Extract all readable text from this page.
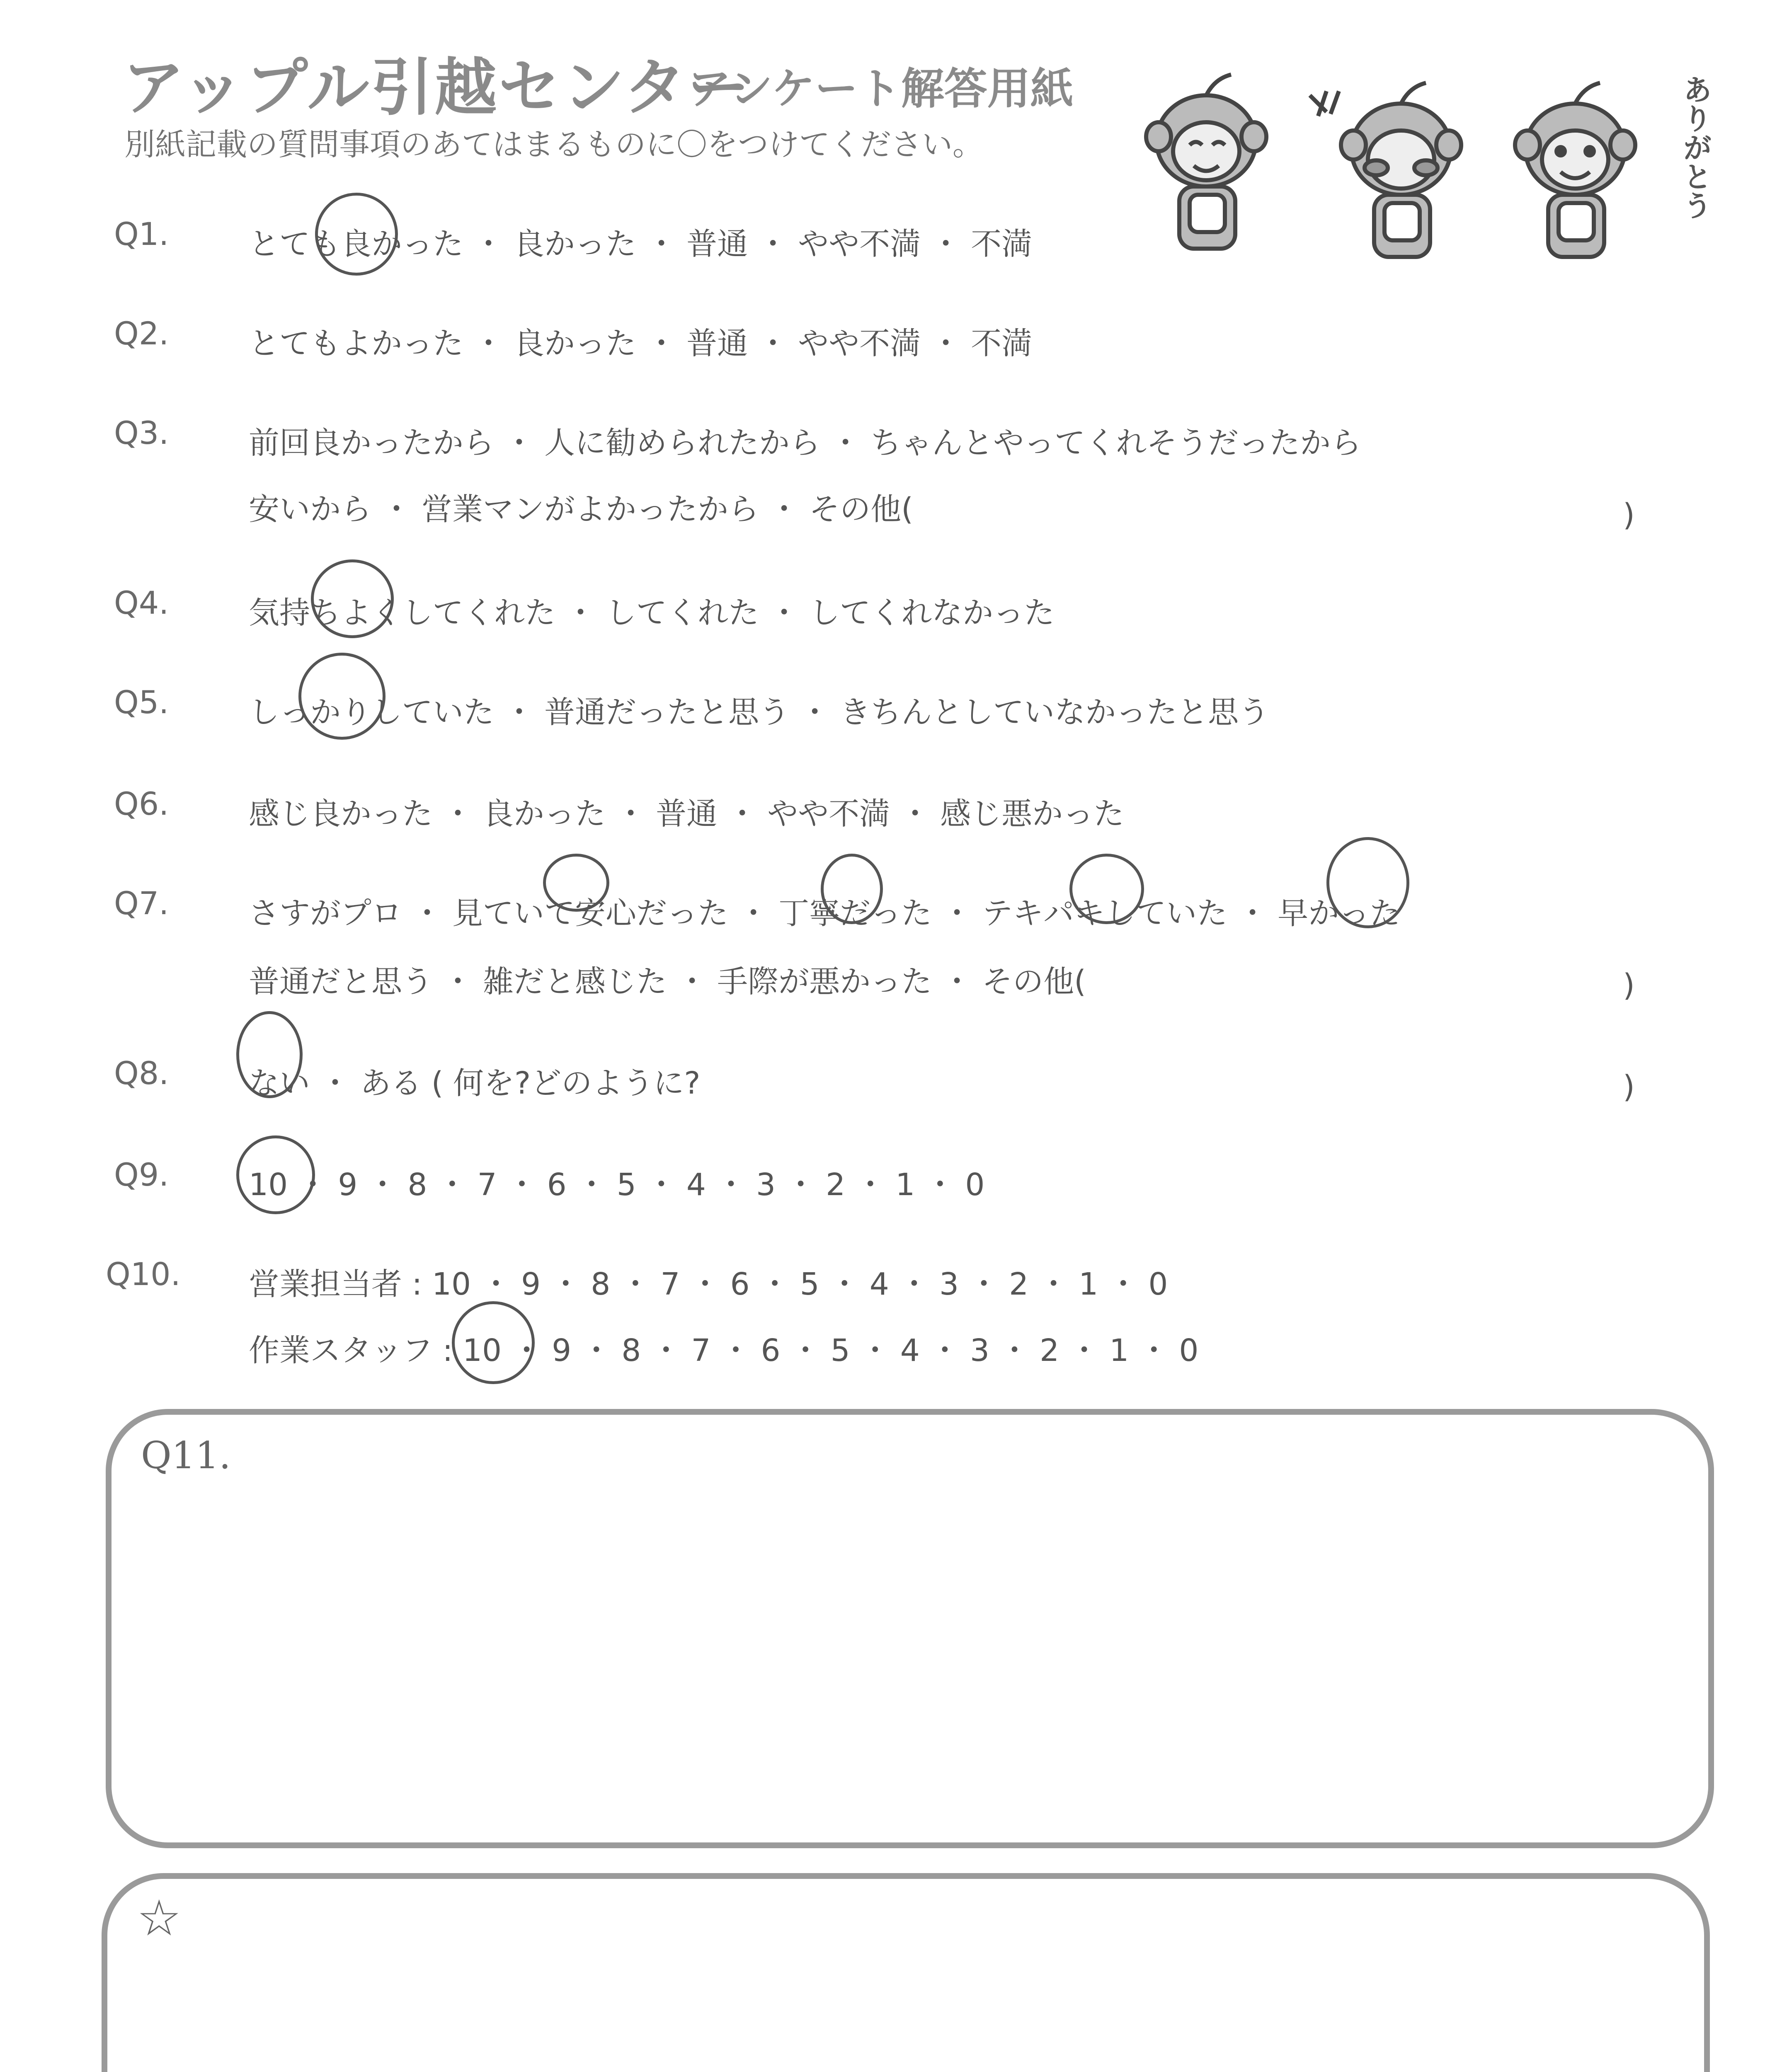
アップル引越センター
アンケート解答用紙
別紙記載の質問事項のあてはまるものに〇をつけてください。	ありがとう
Q1.	とても良かった ・ 良かった ・ 普通 ・ やや不満 ・ 不満
Q2.	とてもよかった ・ 良かった ・ 普通 ・ やや不満 ・ 不満
Q3.	前回良かったから ・ 人に勧められたから ・ ちゃんとやってくれそうだったから
安いから ・ 営業マンがよかったから ・ その他(	)
Q4.	気持ちよくしてくれた ・ してくれた ・ してくれなかった
Q5.	しっかりしていた ・ 普通だったと思う ・ きちんとしていなかったと思う
Q6.	感じ良かった ・ 良かった ・ 普通 ・ やや不満 ・ 感じ悪かった
Q7.	さすがプロ ・ 見ていて安心だった ・ 丁寧だった ・ テキパキしていた ・ 早かった
普通だと思う ・ 雑だと感じた ・ 手際が悪かった ・ その他(	)
Q8.	ない ・ ある ( 何を?どのように?	)
Q9.	10 ・ 9 ・ 8 ・ 7 ・ 6 ・ 5 ・ 4 ・ 3 ・ 2 ・ 1 ・ 0
Q10. 営業担当者 : 10 ・ 9 ・ 8 ・ 7 ・ 6 ・ 5 ・ 4 ・ 3 ・ 2 ・ 1 ・ 0
作業スタッフ : 10 ・ 9 ・ 8 ・ 7 ・ 6 ・ 5 ・ 4 ・ 3 ・ 2 ・ 1 ・ 0
Q11.
☆
